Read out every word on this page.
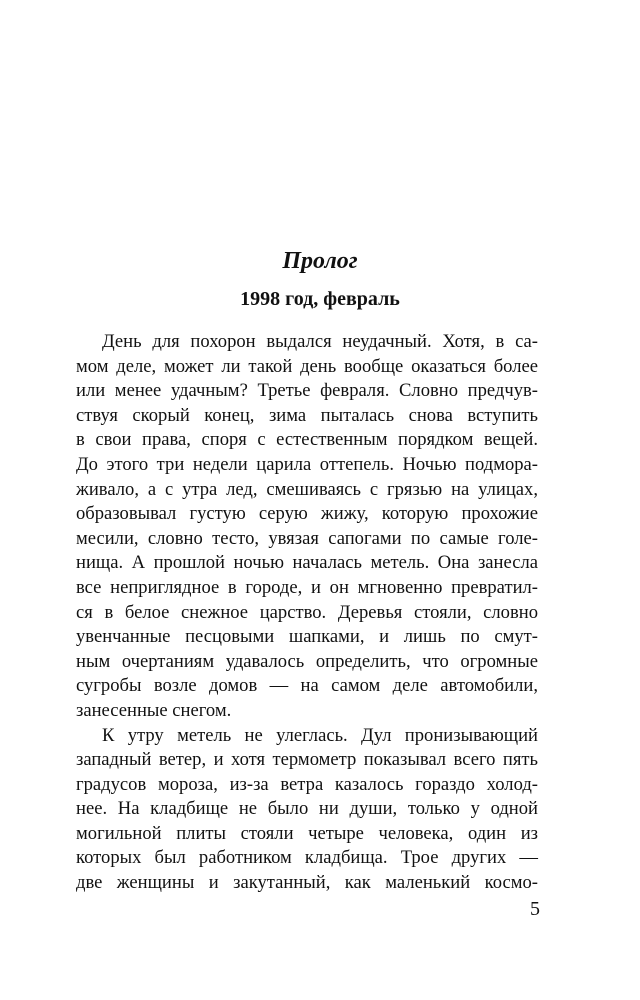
Пролог
1998 год, февраль
День для похорон выдался неудачный. Хотя, в са-
мом деле, может ли такой день вообще оказаться более
или менее удачным? Третье февраля. Словно предчув-
ствуя скорый конец, зима пыталась снова вступить
в свои права, споря с естественным порядком вещей.
До этого три недели царила оттепель. Ночью подмора-
живало, а с утра лед, смешиваясь с грязью на улицах,
образовывал густую серую жижу, которую прохожие
месили, словно тесто, увязая сапогами по самые голе-
нища. А прошлой ночью началась метель. Она занесла
все неприглядное в городе, и он мгновенно превратил-
ся в белое снежное царство. Деревья стояли, словно
увенчанные песцовыми шапками, и лишь по смут-
ным очертаниям удавалось определить, что огромные
сугробы возле домов — на самом деле автомобили,
занесенные снегом.
К утру метель не улеглась. Дул пронизывающий
западный ветер, и хотя термометр показывал всего пять
градусов мороза, из-за ветра казалось гораздо холод-
нее. На кладбище не было ни души, только у одной
могильной плиты стояли четыре человека, один из
которых был работником кладбища. Трое других —
две женщины и закутанный, как маленький космо-
5
